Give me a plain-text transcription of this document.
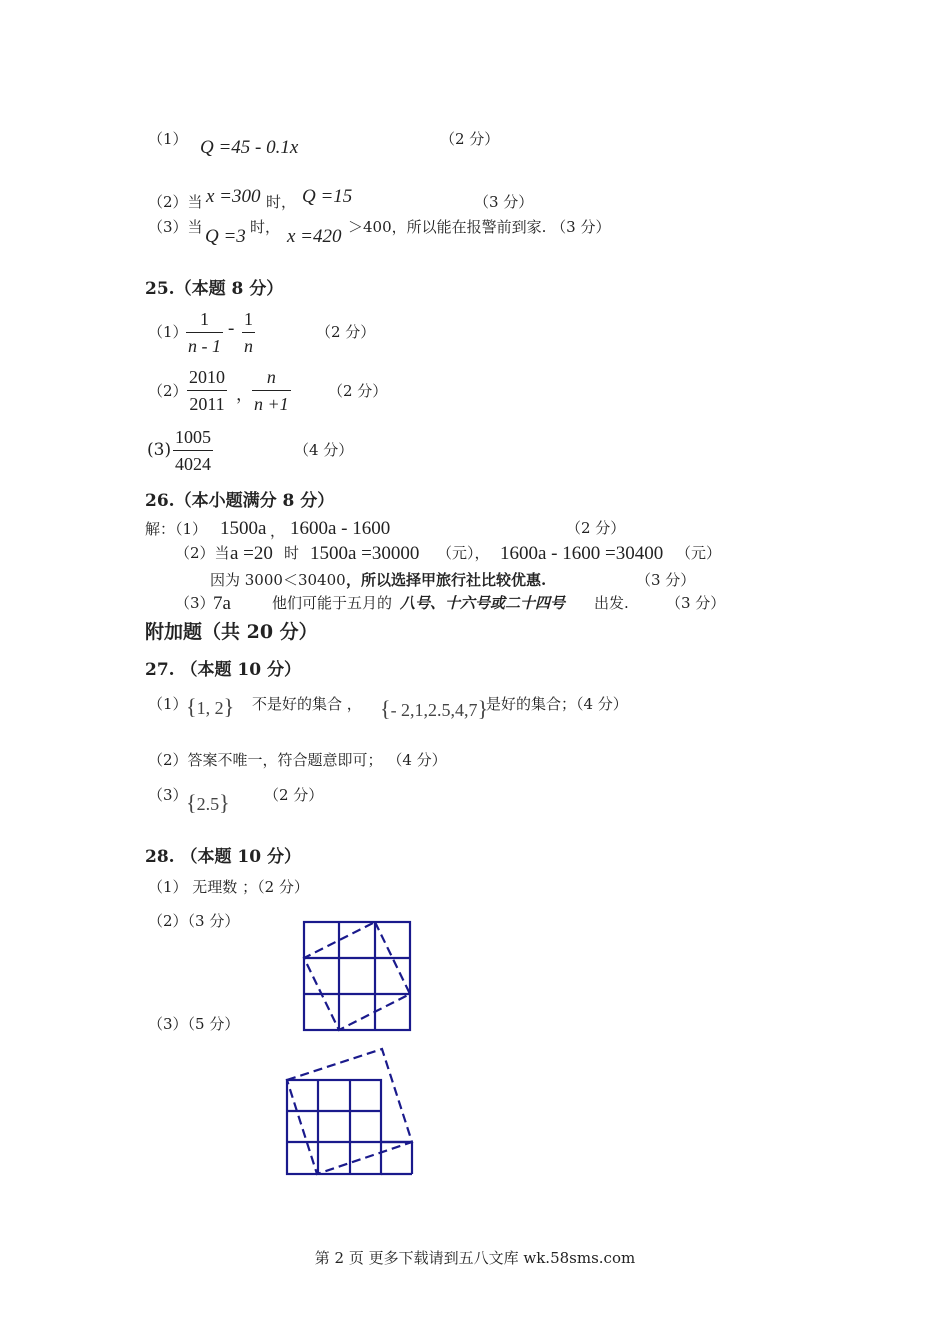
（1） Q =45 - 0.1x	（2 分）
（2）当 x =300 时， Q =15	（3 分）
（3）当 Q =3 时， x =420 ＞400，所以能在报警前到家. （3 分）
25.（本题 8 分）
（1）
1
n - 1
- 1
n
（2 分）
（2）
2010
2011 ，
n
n +1
（2 分）
(3)
1005
4024
（4 分）
26.（本小题满分 8 分）
解：（1） 1500a ， 1600a - 1600	（2 分）
（2）当 a =20 时 1500a =30000 （元）， 1600a - 1600 =30400 （元）
因为 3000＜30400 ，所以选择甲旅行社比较优惠.	（3 分）
（3）
7a	他们可能于五月的 八号、十六号或二十四号 出发. （3 分）
附加题（共 20 分）
27. （本题 10 分）
（1）
{1, 2} 不是好的集合 ， {- 2,1,2.5,4,7}
是好的集合；（4 分）
（2）答案不唯一，符合题意即可； （4 分）
（3）
{2.5} （2 分）
28. （本题 10 分）
（1） 无理数 ；（2 分）
（2）（3 分）
（3）（5 分）
第 2 页 更多下载请到五八文库 wk.58sms.com
